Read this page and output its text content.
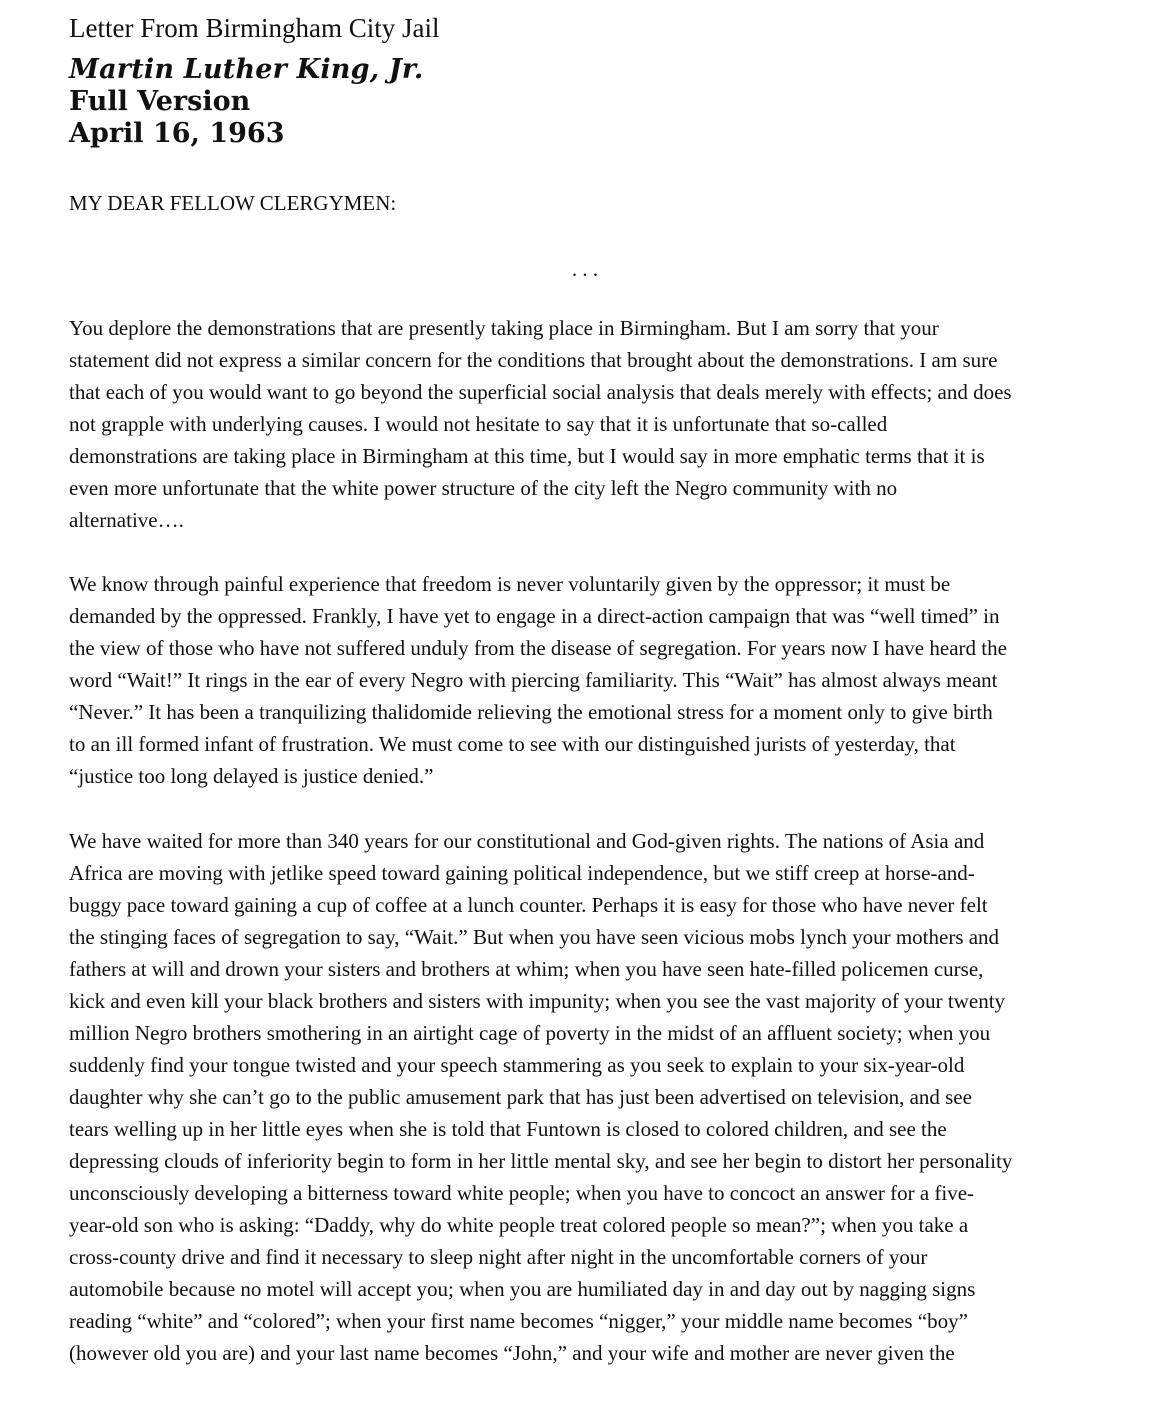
Letter From Birmingham City Jail
Martin Luther King, Jr.
Full Version
April 16, 1963
MY DEAR FELLOW CLERGYMEN:
. . .
You deplore the demonstrations that are presently taking place in Birmingham. But I am sorry that your
statement did not express a similar concern for the conditions that brought about the demonstrations. I am sure
that each of you would want to go beyond the superficial social analysis that deals merely with effects; and does
not grapple with underlying causes. I would not hesitate to say that it is unfortunate that so-called
demonstrations are taking place in Birmingham at this time, but I would say in more emphatic terms that it is
even more unfortunate that the white power structure of the city left the Negro community with no
alternative….
We know through painful experience that freedom is never voluntarily given by the oppressor; it must be
demanded by the oppressed. Frankly, I have yet to engage in a direct-action campaign that was “well timed” in
the view of those who have not suffered unduly from the disease of segregation. For years now I have heard the
word “Wait!” It rings in the ear of every Negro with piercing familiarity. This “Wait” has almost always meant
“Never.” It has been a tranquilizing thalidomide relieving the emotional stress for a moment only to give birth
to an ill formed infant of frustration. We must come to see with our distinguished jurists of yesterday, that
“justice too long delayed is justice denied.”
We have waited for more than 340 years for our constitutional and God-given rights. The nations of Asia and
Africa are moving with jetlike speed toward gaining political independence, but we stiff creep at horse-and-
buggy pace toward gaining a cup of coffee at a lunch counter. Perhaps it is easy for those who have never felt
the stinging faces of segregation to say, “Wait.” But when you have seen vicious mobs lynch your mothers and
fathers at will and drown your sisters and brothers at whim; when you have seen hate-filled policemen curse,
kick and even kill your black brothers and sisters with impunity; when you see the vast majority of your twenty
million Negro brothers smothering in an airtight cage of poverty in the midst of an affluent society; when you
suddenly find your tongue twisted and your speech stammering as you seek to explain to your six-year-old
daughter why she can’t go to the public amusement park that has just been advertised on television, and see
tears welling up in her little eyes when she is told that Funtown is closed to colored children, and see the
depressing clouds of inferiority begin to form in her little mental sky, and see her begin to distort her personality
unconsciously developing a bitterness toward white people; when you have to concoct an answer for a five-
year-old son who is asking: “Daddy, why do white people treat colored people so mean?”; when you take a
cross-county drive and find it necessary to sleep night after night in the uncomfortable corners of your
automobile because no motel will accept you; when you are humiliated day in and day out by nagging signs
reading “white” and “colored”; when your first name becomes “nigger,” your middle name becomes “boy”
(however old you are) and your last name becomes “John,” and your wife and mother are never given the
